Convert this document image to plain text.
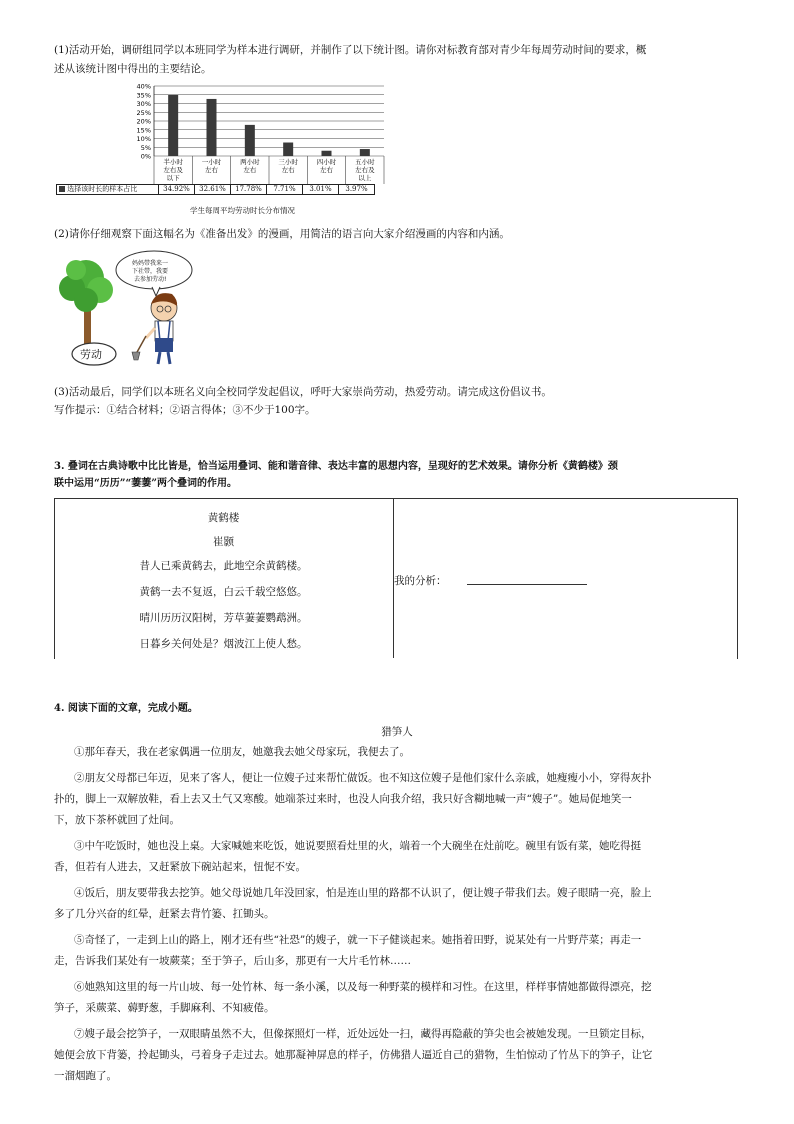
(1)活动开始，调研组同学以本班同学为样本进行调研，并制作了以下统计图。请你对标教育部对青少年每周劳动时间的要求，概
述从该统计图中得出的主要结论。
40%
35%
30%
25%
20%
15%
10%
5%
0%
半小时
左右及
以下
一小时
左右
两小时
左右
三小时
左右
四小时
左右
五小时
左右及
以上
选择该时长的样本占比	34.92%	32.61%	17.78%	7.71%	3.01%	3.97%
学生每周平均劳动时长分布情况
(2)请你仔细观察下面这幅名为《准备出发》的漫画，用简洁的语言向大家介绍漫画的内容和内涵。
妈妈带我来一
下社带，我要
去参加劳动!
劳动
(3)活动最后，同学们以本班名义向全校同学发起倡议，呼吁大家崇尚劳动，热爱劳动。请完成这份倡议书。
写作提示：①结合材料；②语言得体；③不少于100字。
3. 叠词在古典诗歌中比比皆是，恰当运用叠词、能和谐音律、表达丰富的思想内容，呈现好的艺术效果。请你分析《黄鹤楼》颈
联中运用“历历”“萋萋”两个叠词的作用。
黄鹤楼
崔颢
昔人已乘黄鹤去，此地空余黄鹤楼。
黄鹤一去不复返，白云千载空悠悠。
晴川历历汉阳树，芳草萋萋鹦鹉洲。
日暮乡关何处是？烟波江上使人愁。
我的分析：
4. 阅读下面的文章，完成小题。
猎笋人
①那年春天，我在老家偶遇一位朋友，她邀我去她父母家玩，我便去了。
②朋友父母都已年迈，见来了客人，便让一位嫂子过来帮忙做饭。也不知这位嫂子是他们家什么亲戚，她瘦瘦小小，穿得灰扑
扑的，脚上一双解放鞋，看上去又土气又寒酸。她端茶过来时，也没人向我介绍，我只好含糊地喊一声“嫂子”。她局促地笑一
下，放下茶杯就回了灶间。
③中午吃饭时，她也没上桌。大家喊她来吃饭，她说要照看灶里的火，端着一个大碗坐在灶前吃。碗里有饭有菜，她吃得挺
香，但若有人进去，又赶紧放下碗站起来，忸怩不安。
④饭后，朋友要带我去挖笋。她父母说她几年没回家，怕是连山里的路都不认识了，便让嫂子带我们去。嫂子眼睛一亮，脸上
多了几分兴奋的红晕，赶紧去背竹篓、扛锄头。
⑤奇怪了，一走到上山的路上，刚才还有些“社恐”的嫂子，就一下子健谈起来。她指着田野，说某处有一片野芹菜；再走一
走，告诉我们某处有一坡蕨菜；至于笋子，后山多，那更有一大片毛竹林……
⑥她熟知这里的每一片山坡、每一处竹林、每一条小溪，以及每一种野菜的模样和习性。在这里，样样事情她都做得漂亮，挖
笋子，采蕨菜、薅野葱，手脚麻利、不知疲倦。
⑦嫂子最会挖笋子，一双眼睛虽然不大，但像探照灯一样，近处远处一扫，藏得再隐蔽的笋尖也会被她发现。一旦锁定目标，
她便会放下背篓，拎起锄头，弓着身子走过去。她那凝神屏息的样子，仿佛猎人逼近自己的猎物，生怕惊动了竹丛下的笋子，让它
一溜烟跑了。
